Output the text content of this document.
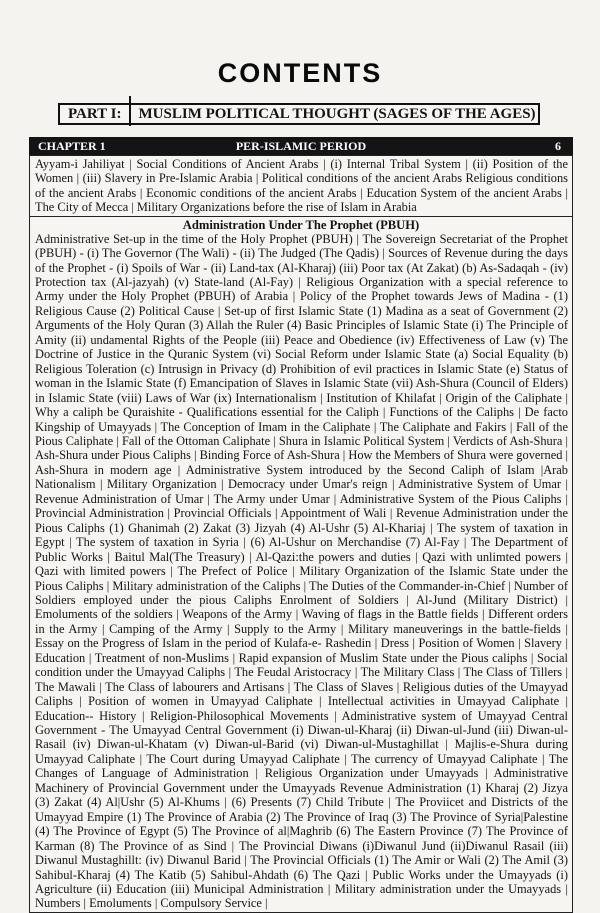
CONTENTS
PART I:	MUSLIM POLITICAL THOUGHT (SAGES OF THE AGES)
CHAPTER 1	PER-ISLAMIC PERIOD	6
Ayyam-i Jahiliyat | Social Conditions of Ancient Arabs | (i) Internal Tribal System | (ii) Position of the Women | (iii) Slavery in Pre-Islamic Arabia | Political conditions of the ancient Arabs Religious conditions of the ancient Arabs | Economic conditions of the ancient Arabs | Education System of the ancient Arabs | The City of Mecca | Military Organizations before the rise of Islam in Arabia
Administration Under The Prophet (PBUH)
Administrative Set-up in the time of the Holy Prophet (PBUH) | The Sovereign Secretariat of the Prophet (PBUH) - (i) The Governor (The Wali) - (ii) The Judged (The Qadis) | Sources of Revenue during the days of the Prophet - (i) Spoils of War - (ii) Land-tax (Al-Kharaj) (iii) Poor tax (At Zakat) (b) As-Sadaqah - (iv) Protection tax (Al-jazyah) (v) State-land (Al-Fay) | Religious Organization with a special reference to Army under the Holy Prophet (PBUH) of Arabia | Policy of the Prophet towards Jews of Madina - (1) Religious Cause (2) Political Cause | Set-up of first Islamic State (1) Madina as a seat of Government (2) Arguments of the Holy Quran (3) Allah the Ruler (4) Basic Principles of Islamic State (i) The Principle of Amity (ii) undamental Rights of the People (iii) Peace and Obedience (iv) Effectiveness of Law (v) The Doctrine of Justice in the Quranic System (vi) Social Reform under Islamic State (a) Social Equality (b) Religious Toleration (c) Intrusign in Privacy (d) Prohibition of evil practices in Islamic State (e) Status of woman in the Islamic State (f) Emancipation of Slaves in Islamic State (vii) Ash-Shura (Council of Elders) in Islamic State (viii) Laws of War (ix) Internationalism | Institution of Khilafat | Origin of the Caliphate | Why a caliph be Quraishite - Qualifications essential for the Caliph | Functions of the Caliphs | De facto Kingship of Umayyads | The Conception of Imam in the Caliphate | The Caliphate and Fakirs | Fall of the Pious Caliphate | Fall of the Ottoman Caliphate | Shura in Islamic Political System | Verdicts of Ash-Shura | Ash-Shura under Pious Caliphs | Binding Force of Ash-Shura | How the Members of Shura were governed | Ash-Shura in modern age | Administrative System introduced by the Second Caliph of Islam |Arab Nationalism | Military Organization | Democracy under Umar's reign | Administrative System of Umar | Revenue Administration of Umar | The Army under Umar | Administrative System of the Pious Caliphs | Provincial Administration | Provincial Officials | Appointment of Wali | Revenue Administration under the Pious Caliphs (1) Ghanimah (2) Zakat (3) Jizyah (4) Al-Ushr (5) Al-Khariaj | The system of taxation in Egypt | The system of taxation in Syria | (6) Al-Ushur on Merchandise (7) Al-Fay | The Department of Public Works | Baitul Mal(The Treasury) | Al-Qazi:the powers and duties | Qazi with unlimted powers | Qazi with limited powers | The Prefect of Police | Military Organization of the Islamic State under the Pious Caliphs | Military administration of the Caliphs | The Duties of the Commander-in-Chief | Number of Soldiers employed under the pious Caliphs Enrolment of Soldiers | Al-Jund (Military District) | Emoluments of the soldiers | Weapons of the Army | Waving of flags in the Battle fields | Different orders in the Army | Camping of the Army | Supply to the Army | Military maneuverings in the battle-fields | Essay on the Progress of Islam in the period of Kulafa-e- Rashedin | Dress | Position of Women | Slavery | Education | Treatment of non-Muslims | Rapid expansion of Muslim State under the Pious caliphs | Social condition under the Umayyad Caliphs | The Feudal Aristocracy | The Military Class | The Class of Tillers | The Mawali | The Class of labourers and Artisans | The Class of Slaves | Religious duties of the Umayyad Caliphs | Position of women in Umayyad Caliphate | Intellectual activities in Umayyad Caliphate | Education-- History | Religion-Philosophical Movements | Administrative system of Umayyad Central Government - The Umayyad Central Government (i) Diwan-ul-Kharaj (ii) Diwan-ul-Jund (iii) Diwan-ul-Rasail (iv) Diwan-ul-Khatam (v) Diwan-ul-Barid (vi) Diwan-ul-Mustaghillat | Majlis-e-Shura during Umayyad Caliphate | The Court during Umayyad Caliphate | The currency of Umayyad Caliphate | The Changes of Language of Administration | Religious Organization under Umayyads | Administrative Machinery of Provincial Government under the Umayyads Revenue Administration (1) Kharaj (2) Jizya (3) Zakat (4) Al|Ushr (5) Al-Khums | (6) Presents (7) Child Tribute | The Proviicet and Districts of the Umayyad Empire (1) The Province of Arabia (2) The Province of Iraq (3) The Province of Syria|Palestine (4) The Province of Egypt (5) The Province of al|Maghrib (6) The Eastern Province (7) The Province of Karman (8) The Province of as Sind | The Provincial Diwans (i)Diwanul Jund (ii)Diwanul Rasail (iii) Diwanul Mustaghillt: (iv) Diwanul Barid | The Provincial Officials (1) The Amir or Wali (2) The Amil (3) Sahibul-Kharaj (4) The Katib (5) Sahibul-Ahdath (6) The Qazi | Public Works under the Umayyads (i) Agriculture (ii) Education (iii) Municipal Administration | Military administration under the Umayyads | Numbers | Emoluments | Compulsory Service |
